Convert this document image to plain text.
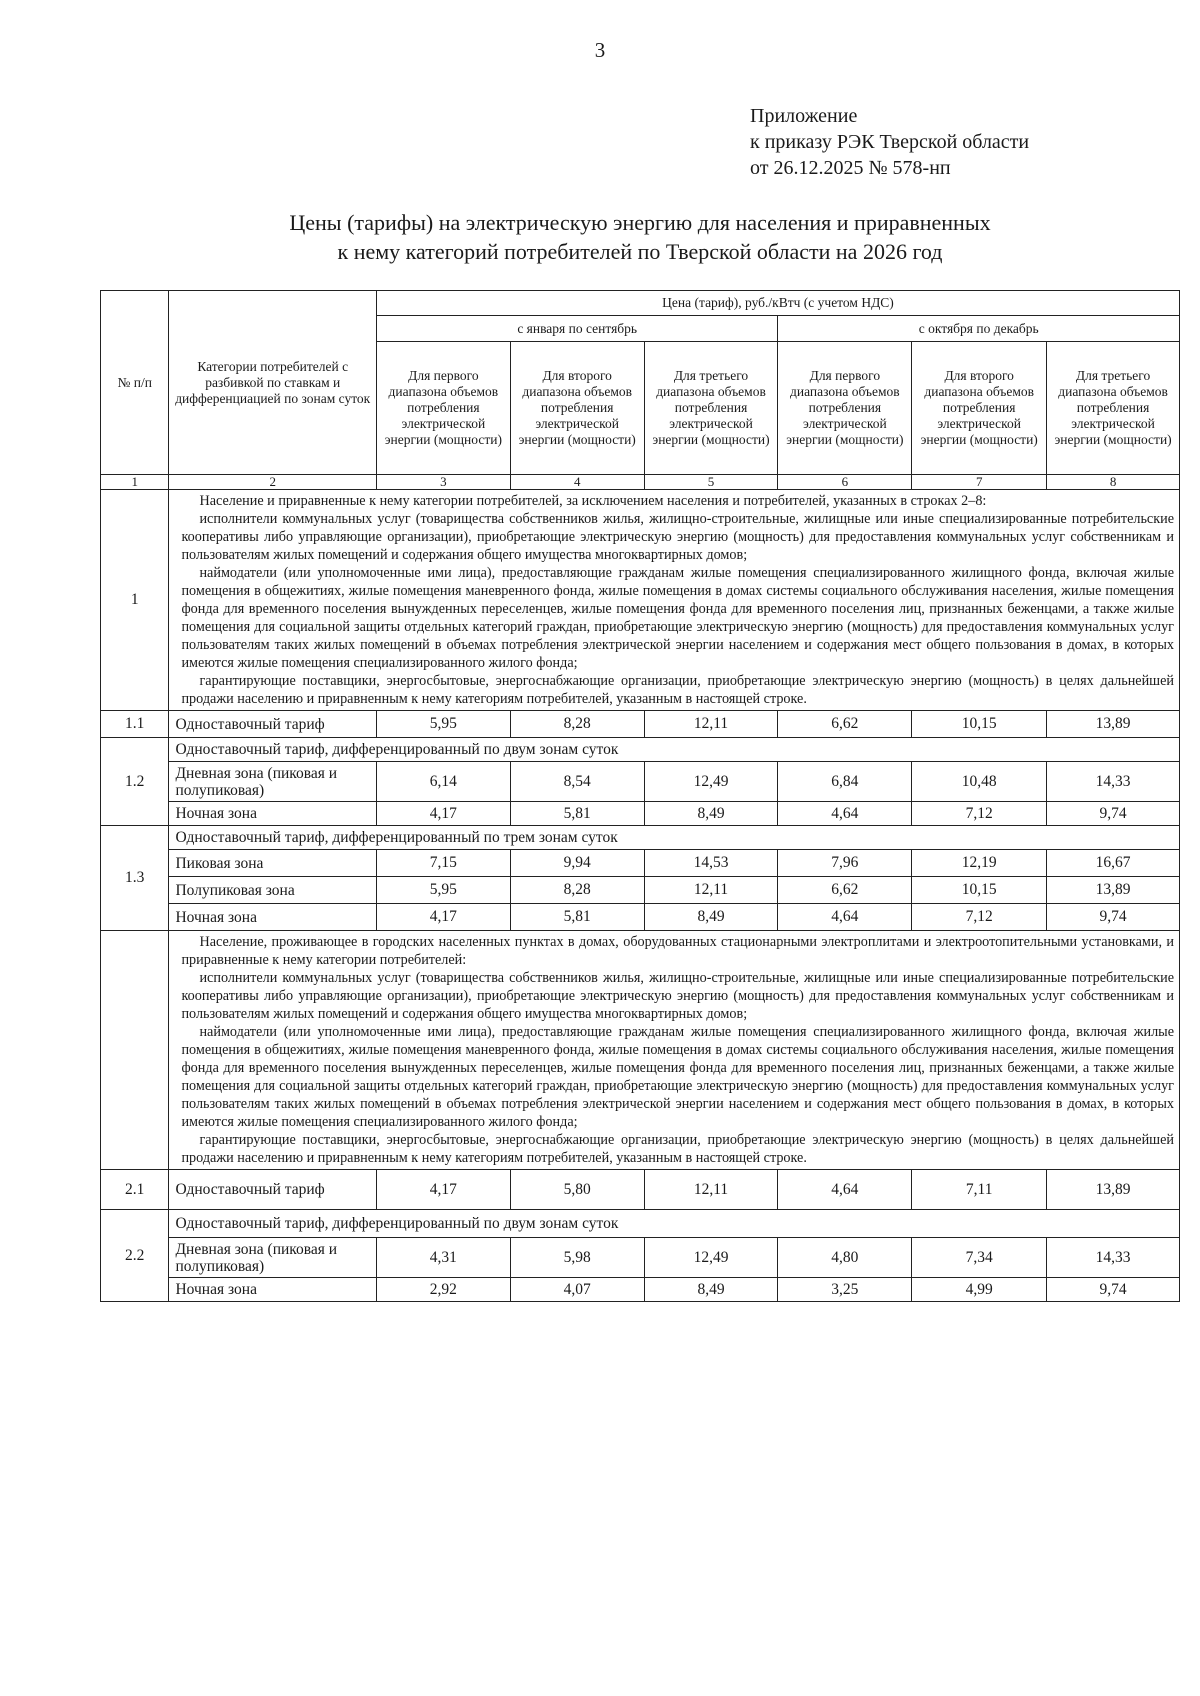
3
Приложение
к приказу РЭК Тверской области
от 26.12.2025 № 578-нп
Цены (тарифы) на электрическую энергию для населения и приравненных
к нему категорий потребителей по Тверской области на 2026 год
№ п/п	Категории потребителей с разбивкой по ставкам и дифференциацией по зонам суток	Цена (тариф), руб./кВтч (с учетом НДС)					
		с января по сентябрь			с октября по декабрь		
		Для первого диапазона объемов потребления электрической энергии (мощности)	Для второго диапазона объемов потребления электрической энергии (мощности)	Для третьего диапазона объемов потребления электрической энергии (мощности)	Для первого диапазона объемов потребления электрической энергии (мощности)	Для второго диапазона объемов потребления электрической энергии (мощности)	Для третьего диапазона объемов потребления электрической энергии (мощности)
1	2	3	4	5	6	7	8
1	Население и приравненные к нему категории потребителей, за исключением населения и потребителей, указанных в строках 2–8:

исполнители коммунальных услуг (товарищества собственников жилья, жилищно-строительные, жилищные или иные специализированные потребительские кооперативы либо управляющие организации), приобретающие электрическую энергию (мощность) для предоставления коммунальных услуг собственникам и пользователям жилых помещений и содержания общего имущества многоквартирных домов;

наймодатели (или уполномоченные ими лица), предоставляющие гражданам жилые помещения специализированного жилищного фонда, включая жилые помещения в общежитиях, жилые помещения маневренного фонда, жилые помещения в домах системы социального обслуживания населения, жилые помещения фонда для временного поселения вынужденных переселенцев, жилые помещения фонда для временного поселения лиц, признанных беженцами, а также жилые помещения для социальной защиты отдельных категорий граждан, приобретающие электрическую энергию (мощность) для предоставления коммунальных услуг пользователям таких жилых помещений в объемах потребления электрической энергии населением и содержания мест общего пользования в домах, в которых имеются жилые помещения специализированного жилого фонда;

гарантирующие поставщики, энергосбытовые, энергоснабжающие организации, приобретающие электрическую энергию (мощность) в целях дальнейшей продажи населению и приравненным к нему категориям потребителей, указанным в настоящей строке.						

1.1	Одноставочный тариф	5,95	8,28	12,11	6,62	10,15	13,89
1.2	Одноставочный тариф, дифференцированный по двум зонам суток						
	Дневная зона (пиковая и полупиковая)	6,14	8,54	12,49	6,84	10,48	14,33
	Ночная зона	4,17	5,81	8,49	4,64	7,12	9,74
1.3	Одноставочный тариф, дифференцированный по трем зонам суток						
	Пиковая зона	7,15	9,94	14,53	7,96	12,19	16,67
	Полупиковая зона	5,95	8,28	12,11	6,62	10,15	13,89
	Ночная зона	4,17	5,81	8,49	4,64	7,12	9,74

	Население, проживающее в городских населенных пунктах в домах, оборудованных стационарными электроплитами и электроотопительными установками, и приравненные к нему категории потребителей:

исполнители коммунальных услуг (товарищества собственников жилья, жилищно-строительные, жилищные или иные специализированные потребительские кооперативы либо управляющие организации), приобретающие электрическую энергию (мощность) для предоставления коммунальных услуг собственникам и пользователям жилых помещений и содержания общего имущества многоквартирных домов;

наймодатели (или уполномоченные ими лица), предоставляющие гражданам жилые помещения специализированного жилищного фонда, включая жилые помещения в общежитиях, жилые помещения маневренного фонда, жилые помещения в домах системы социального обслуживания населения, жилые помещения фонда для временного поселения вынужденных переселенцев, жилые помещения фонда для временного поселения лиц, признанных беженцами, а также жилые помещения для социальной защиты отдельных категорий граждан, приобретающие электрическую энергию (мощность) для предоставления коммунальных услуг пользователям таких жилых помещений в объемах потребления электрической энергии населением и содержания мест общего пользования в домах, в которых имеются жилые помещения специализированного жилого фонда;

гарантирующие поставщики, энергосбытовые, энергоснабжающие организации, приобретающие электрическую энергию (мощность) в целях дальнейшей продажи населению и приравненным к нему категориям потребителей, указанным в настоящей строке.						

2.1	Одноставочный тариф	4,17	5,80	12,11	4,64	7,11	13,89
2.2	Одноставочный тариф, дифференцированный по двум зонам суток						
	Дневная зона (пиковая и полупиковая)	4,31	5,98	12,49	4,80	7,34	14,33
	Ночная зона	2,92	4,07	8,49	3,25	4,99	9,74
